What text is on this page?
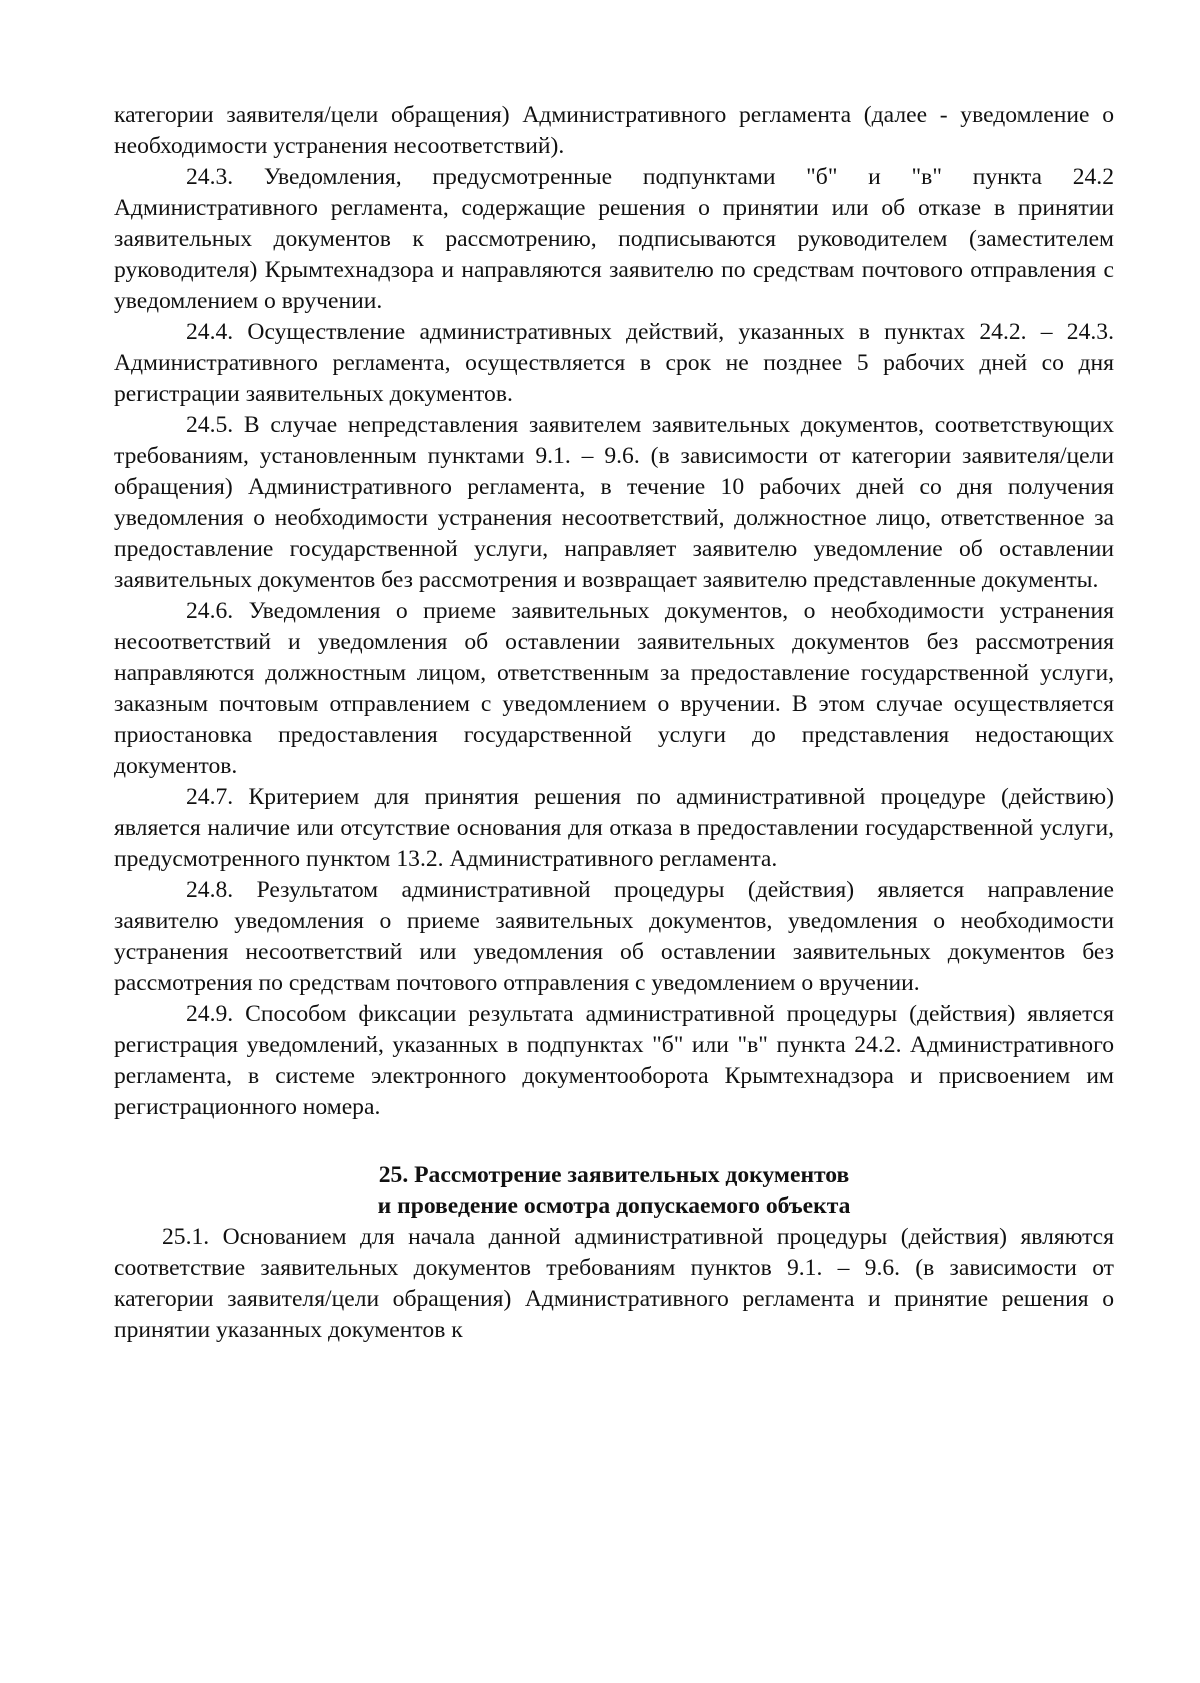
категории заявителя/цели обращения) Административного регламента (далее - уведомление о необходимости устранения несоответствий).

24.3. Уведомления, предусмотренные подпунктами "б" и "в" пункта 24.2 Административного регламента, содержащие решения о принятии или об отказе в принятии заявительных документов к рассмотрению, подписываются руководителем (заместителем руководителя) Крымтехнадзора и направляются заявителю по средствам почтового отправления с уведомлением о вручении.

24.4. Осуществление административных действий, указанных в пунктах 24.2. – 24.3. Административного регламента, осуществляется в срок не позднее 5 рабочих дней со дня регистрации заявительных документов.

24.5. В случае непредставления заявителем заявительных документов, соответствующих требованиям, установленным пунктами 9.1. – 9.6. (в зависимости от категории заявителя/цели обращения) Административного регламента, в течение 10 рабочих дней со дня получения уведомления о необходимости устранения несоответствий, должностное лицо, ответственное за предоставление государственной услуги, направляет заявителю уведомление об оставлении заявительных документов без рассмотрения и возвращает заявителю представленные документы.

24.6. Уведомления о приеме заявительных документов, о необходимости устранения несоответствий и уведомления об оставлении заявительных документов без рассмотрения направляются должностным лицом, ответственным за предоставление государственной услуги, заказным почтовым отправлением с уведомлением о вручении. В этом случае осуществляется приостановка предоставления государственной услуги до представления недостающих документов.

24.7. Критерием для принятия решения по административной процедуре (действию) является наличие или отсутствие основания для отказа в предоставлении государственной услуги, предусмотренного пунктом 13.2. Административного регламента.

24.8. Результатом административной процедуры (действия) является направление заявителю уведомления о приеме заявительных документов, уведомления о необходимости устранения несоответствий или уведомления об оставлении заявительных документов без рассмотрения по средствам почтового отправления с уведомлением о вручении.

24.9. Способом фиксации результата административной процедуры (действия) является регистрация уведомлений, указанных в подпунктах "б" или "в" пункта 24.2. Административного регламента, в системе электронного документооборота Крымтехнадзора и присвоением им регистрационного номера.

25. Рассмотрение заявительных документов
и проведение осмотра допускаемого объекта

25.1. Основанием для начала данной административной процедуры (действия) являются соответствие заявительных документов требованиям пунктов 9.1. – 9.6. (в зависимости от категории заявителя/цели обращения) Административного регламента и принятие решения о принятии указанных документов к
